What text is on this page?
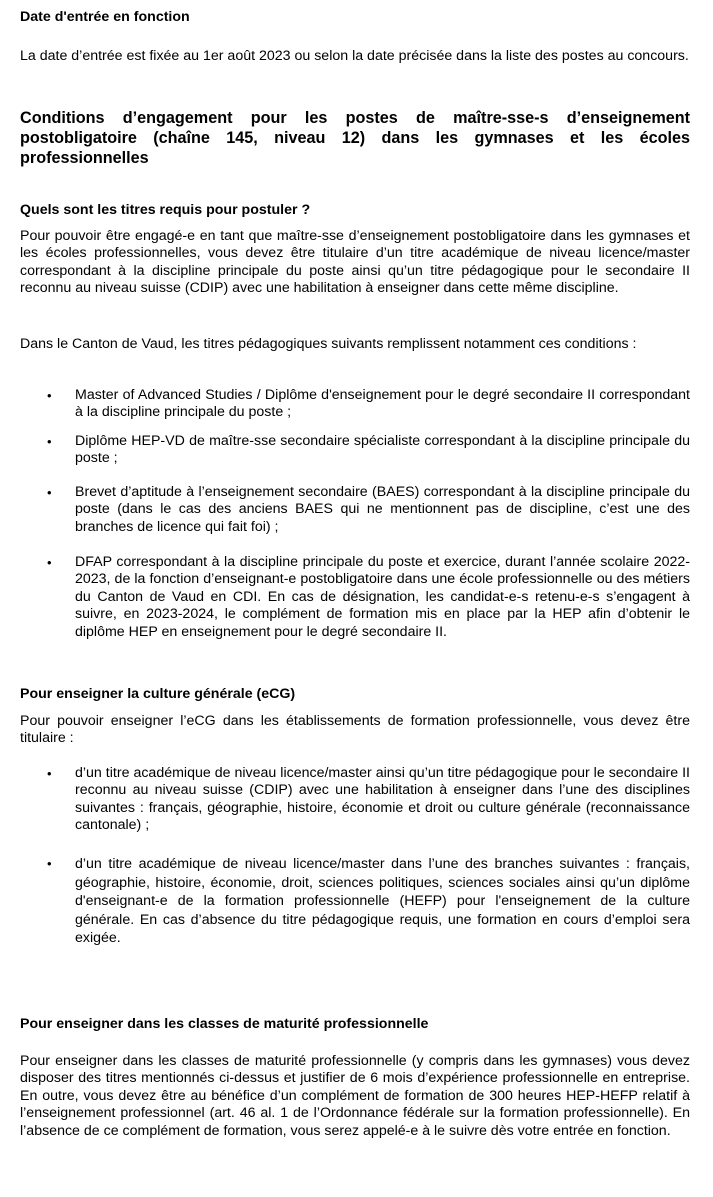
Date d'entrée en fonction
La date d’entrée est fixée au 1er août 2023 ou selon la date précisée dans la liste des postes au concours.
Conditions d’engagement pour les postes de maître-sse-s d’enseignement postobligatoire (chaîne 145, niveau 12) dans les gymnases et les écoles professionnelles
Quels sont les titres requis pour postuler ?
Pour pouvoir être engagé-e en tant que maître-sse d’enseignement postobligatoire dans les gymnases et les écoles professionnelles, vous devez être titulaire d’un titre académique de niveau licence/master correspondant à la discipline principale du poste ainsi qu’un titre pédagogique pour le secondaire II reconnu au niveau suisse (CDIP) avec une habilitation à enseigner dans cette même discipline.
Dans le Canton de Vaud, les titres pédagogiques suivants remplissent notamment ces conditions :
• Master of Advanced Studies / Diplôme d'enseignement pour le degré secondaire II correspondant à la discipline principale du poste ;
• Diplôme HEP-VD de maître-sse secondaire spécialiste correspondant à la discipline principale du poste ;
• Brevet d’aptitude à l’enseignement secondaire (BAES) correspondant à la discipline principale du poste (dans le cas des anciens BAES qui ne mentionnent pas de discipline, c’est une des branches de licence qui fait foi) ;
• DFAP correspondant à la discipline principale du poste et exercice, durant l’année scolaire 2022-2023, de la fonction d’enseignant-e postobligatoire dans une école professionnelle ou des métiers du Canton de Vaud en CDI. En cas de désignation, les candidat-e-s retenu-e-s s’engagent à suivre, en 2023-2024, le complément de formation mis en place par la HEP afin d’obtenir le diplôme HEP en enseignement pour le degré secondaire II.
Pour enseigner la culture générale (eCG)
Pour pouvoir enseigner l’eCG dans les établissements de formation professionnelle, vous devez être titulaire :
• d’un titre académique de niveau licence/master ainsi qu’un titre pédagogique pour le secondaire II reconnu au niveau suisse (CDIP) avec une habilitation à enseigner dans l’une des disciplines suivantes : français, géographie, histoire, économie et droit ou culture générale (reconnaissance cantonale) ;
• d’un titre académique de niveau licence/master dans l’une des branches suivantes : français, géographie, histoire, économie, droit, sciences politiques, sciences sociales ainsi qu’un diplôme d'enseignant-e de la formation professionnelle (HEFP) pour l'enseignement de la culture générale. En cas d’absence du titre pédagogique requis, une formation en cours d’emploi sera exigée.
Pour enseigner dans les classes de maturité professionnelle
Pour enseigner dans les classes de maturité professionnelle (y compris dans les gymnases) vous devez disposer des titres mentionnés ci-dessus et justifier de 6 mois d’expérience professionnelle en entreprise. En outre, vous devez être au bénéfice d’un complément de formation de 300 heures HEP-HEFP relatif à l’enseignement professionnel (art. 46 al. 1 de l’Ordonnance fédérale sur la formation professionnelle). En l’absence de ce complément de formation, vous serez appelé-e à le suivre dès votre entrée en fonction.
